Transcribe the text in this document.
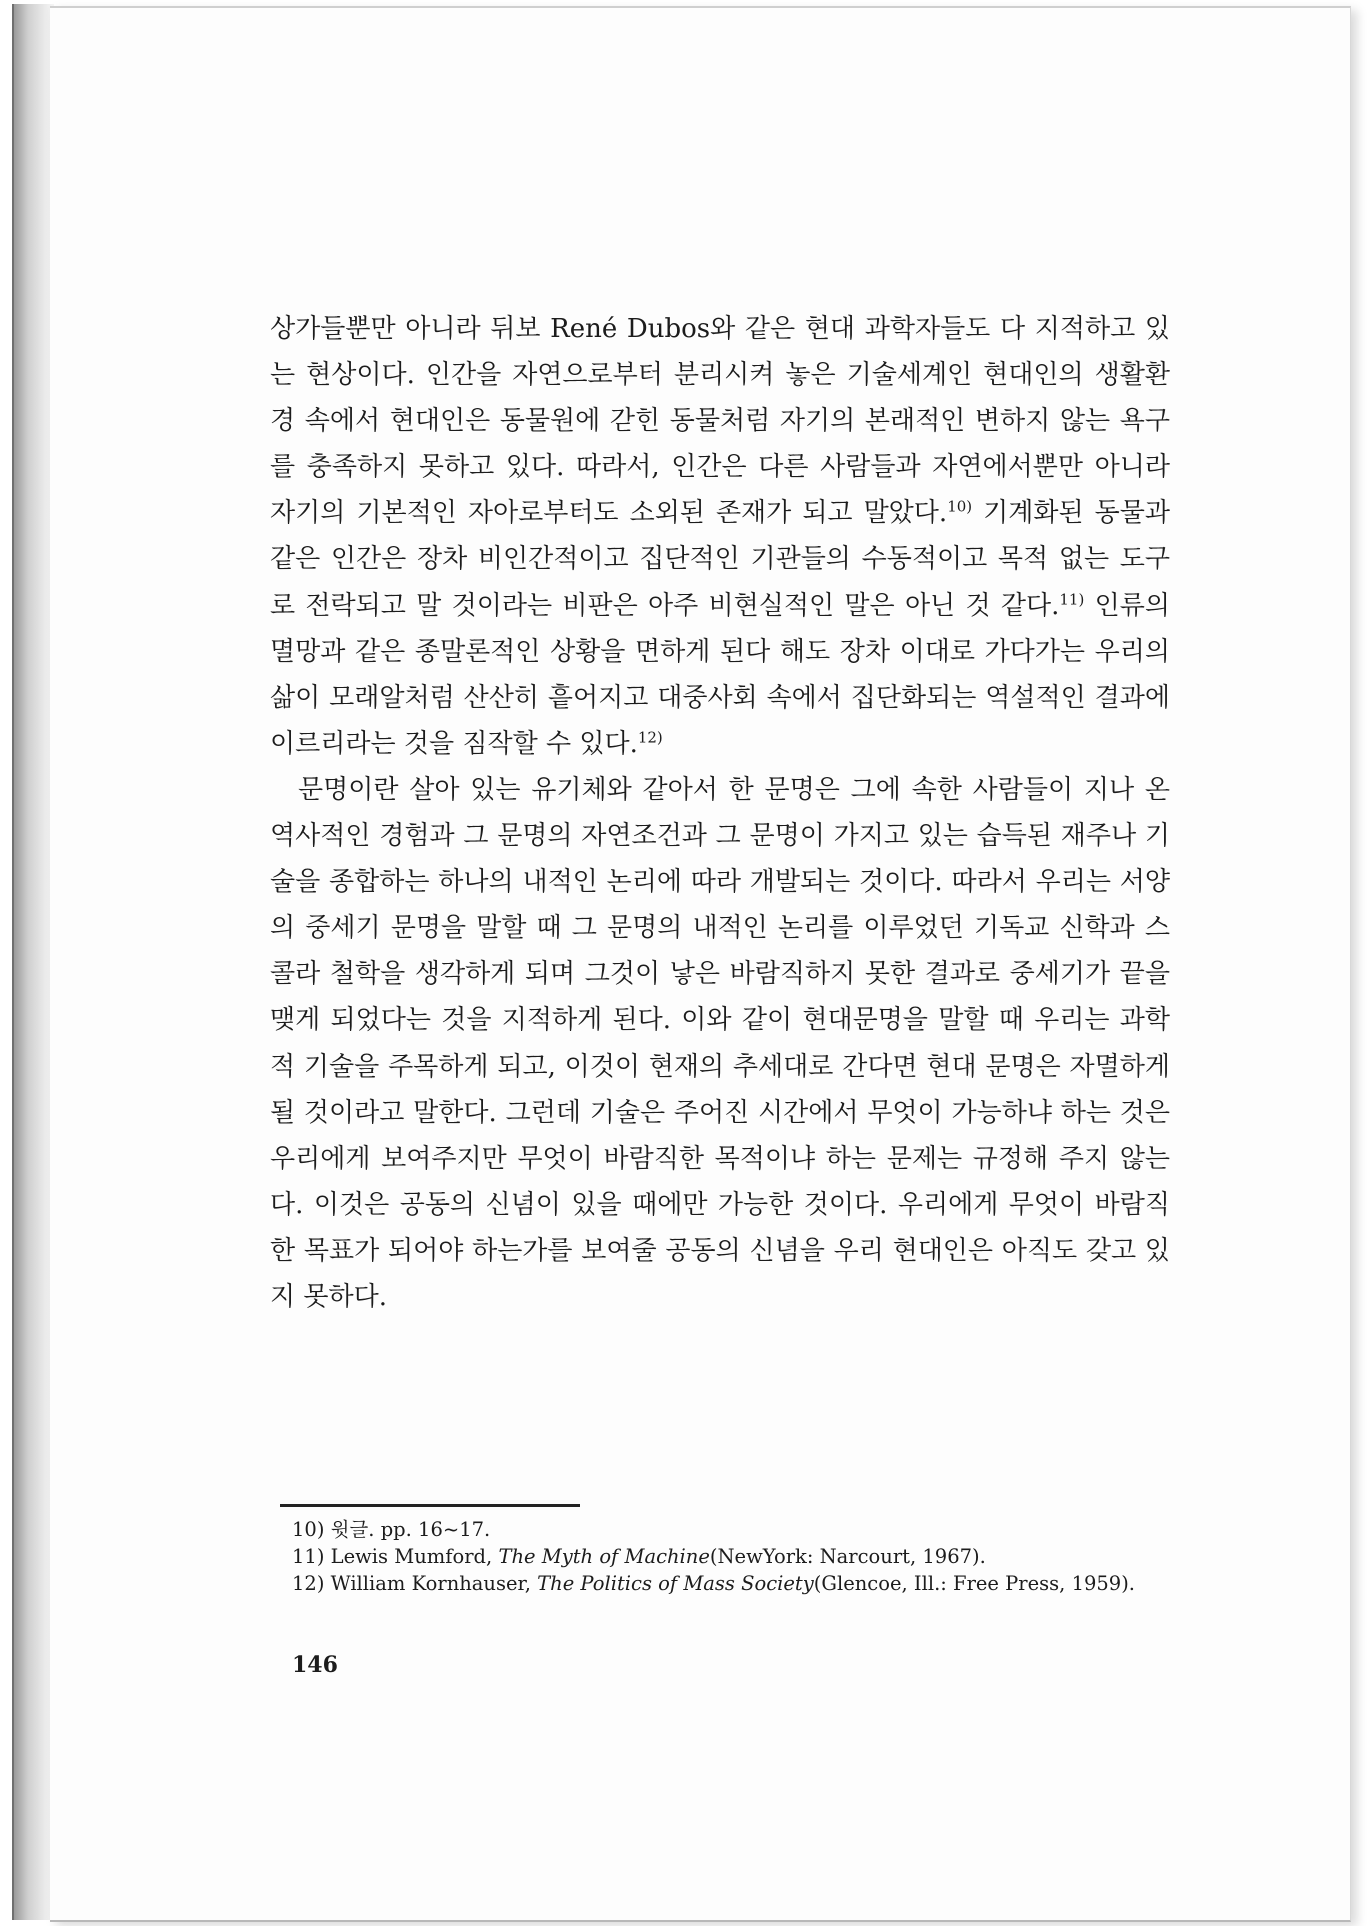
상가들뿐만 아니라 뒤보 René Dubos와 같은 현대 과학자들도 다 지적하고 있는 현상이다. 인간을 자연으로부터 분리시켜 놓은 기술세계인 현대인의 생활환경 속에서 현대인은 동물원에 갇힌 동물처럼 자기의 본래적인 변하지 않는 욕구를 충족하지 못하고 있다. 따라서, 인간은 다른 사람들과 자연에서뿐만 아니라 자기의 기본적인 자아로부터도 소외된 존재가 되고 말았다.$^{10)}$ 기계화된 동물과 같은 인간은 장차 비인간적이고 집단적인 기관들의 수동적이고 목적 없는 도구로 전락되고 말 것이라는 비판은 아주 비현실적인 말은 아닌 것 같다.$^{11)}$ 인류의 멸망과 같은 종말론적인 상황을 면하게 된다 해도 장차 이대로 가다가는 우리의 삶이 모래알처럼 산산히 흩어지고 대중사회 속에서 집단화되는 역설적인 결과에 이르리라는 것을 짐작할 수 있다.$^{12)}$

문명이란 살아 있는 유기체와 같아서 한 문명은 그에 속한 사람들이 지나 온 역사적인 경험과 그 문명의 자연조건과 그 문명이 가지고 있는 습득된 재주나 기술을 종합하는 하나의 내적인 논리에 따라 개발되는 것이다. 따라서 우리는 서양의 중세기 문명을 말할 때 그 문명의 내적인 논리를 이루었던 기독교 신학과 스콜라 철학을 생각하게 되며 그것이 낳은 바람직하지 못한 결과로 중세기가 끝을 맺게 되었다는 것을 지적하게 된다. 이와 같이 현대문명을 말할 때 우리는 과학적 기술을 주목하게 되고, 이것이 현재의 추세대로 간다면 현대 문명은 자멸하게 될 것이라고 말한다. 그런데 기술은 주어진 시간에서 무엇이 가능하냐 하는 것은 우리에게 보여주지만 무엇이 바람직한 목적이냐 하는 문제는 규정해 주지 않는다. 이것은 공동의 신념이 있을 때에만 가능한 것이다. 우리에게 무엇이 바람직한 목표가 되어야 하는가를 보여줄 공동의 신념을 우리 현대인은 아직도 갖고 있지 못하다.

10) 윗글. pp. 16~17.

11) Lewis Mumford, The Myth of Machine(NewYork: Narcourt, 1967).

12) William Kornhauser, The Politics of Mass Society(Glencoe, Ill.: Free Press, 1959).

146
